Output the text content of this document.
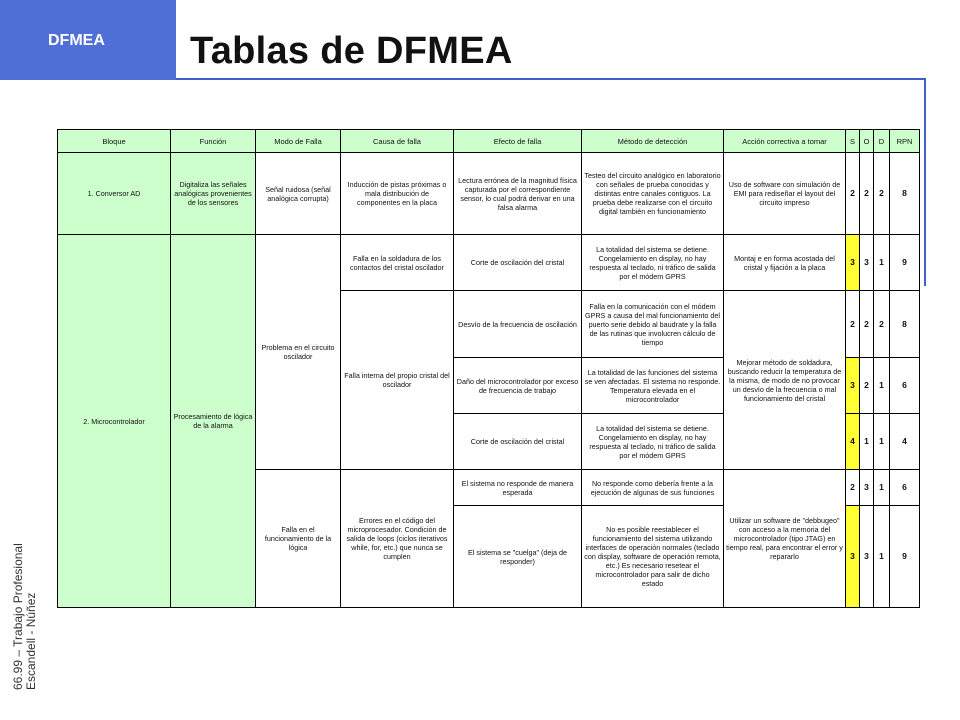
DFMEA Tablas de DFMEA
66.99 – Trabajo Profesional Escandell - Núñez
Bloque	Función	Modo de Falla	Causa de falla	Efecto de falla	Método de detección	Acción correctiva a tomar	S	O	D	RPN
1. Conversor AD	Digitaliza las señales analógicas provenientes de los sensores	Señal ruidosa (señal analógica corrupta)	Inducción de pistas próximas o mala distribución de componentes en la placa	Lectura errónea de la magnitud física capturada por el correspondiente sensor, lo cual podrá derivar en una falsa alarma	Testeo del circuito analógico en laboratorio con señales de prueba conocidas y distintas entre canales contiguos. La prueba debe realizarse con el circuito digital también en funcionamiento	Uso de software con simulación de EMI para rediseñar el layout del circuito impreso	2	2	2	8
2. Microcontrolador	Procesamiento de lógica de la alarma	Problema en el circuito oscilador	Falla en la soldadura de los contactos del cristal oscilador	Corte de oscilación del cristal	La totalidad del sistema se detiene. Congelamiento en display, no hay respuesta al teclado, ni tráfico de salida por el módem GPRS	Montaj e en forma acostada del cristal y fijación a la placa	3	3	1	9
			Falla interna del propio cristal del oscilador	Desvío de la frecuencia de oscilación	Falla en la comunicación con el módem GPRS a causa del mal funcionamiento del puerto serie debido al baudrate y la falla de las rutinas que involucren cálculo de tiempo	Mejorar método de soldadura, buscando reducir la temperatura de la misma, de modo de no provocar un desvío de la frecuencia o mal funcionamiento del cristal	2	2	2	8
				Daño del microcontrolador por exceso de frecuencia de trabajo	La totalidad de las funciones del sistema se ven afectadas. El sistema no responde. Temperatura elevada en el microcontrolador		3	2	1	6
				Corte de oscilación del cristal	La totalidad del sistema se detiene. Congelamiento en display, no hay respuesta al teclado, ni tráfico de salida por el módem GPRS		4	1	1	4
		Falla en el funcionamiento de la lógica	Errores en el código del microprocesador. Condición de salida de loops (ciclos iterativos while, for, etc.) que nunca se cumplen	El sistema no responde de manera esperada	No responde como debería frente a la ejecución de algunas de sus funciones	Utilizar un software de "debbugeo" con acceso a la memoria del microcontrolador (tipo JTAG) en tiempo real, para encontrar el error y repararlo	2	3	1	6
				El sistema se "cuelga" (deja de responder)	No es posible reestablecer el funcionamiento del sistema utilizando interfaces de operación normales (teclado con display, software de operación remota, etc.) Es necesario resetear el microcontrolador para salir de dicho estado		3	3	1	9
